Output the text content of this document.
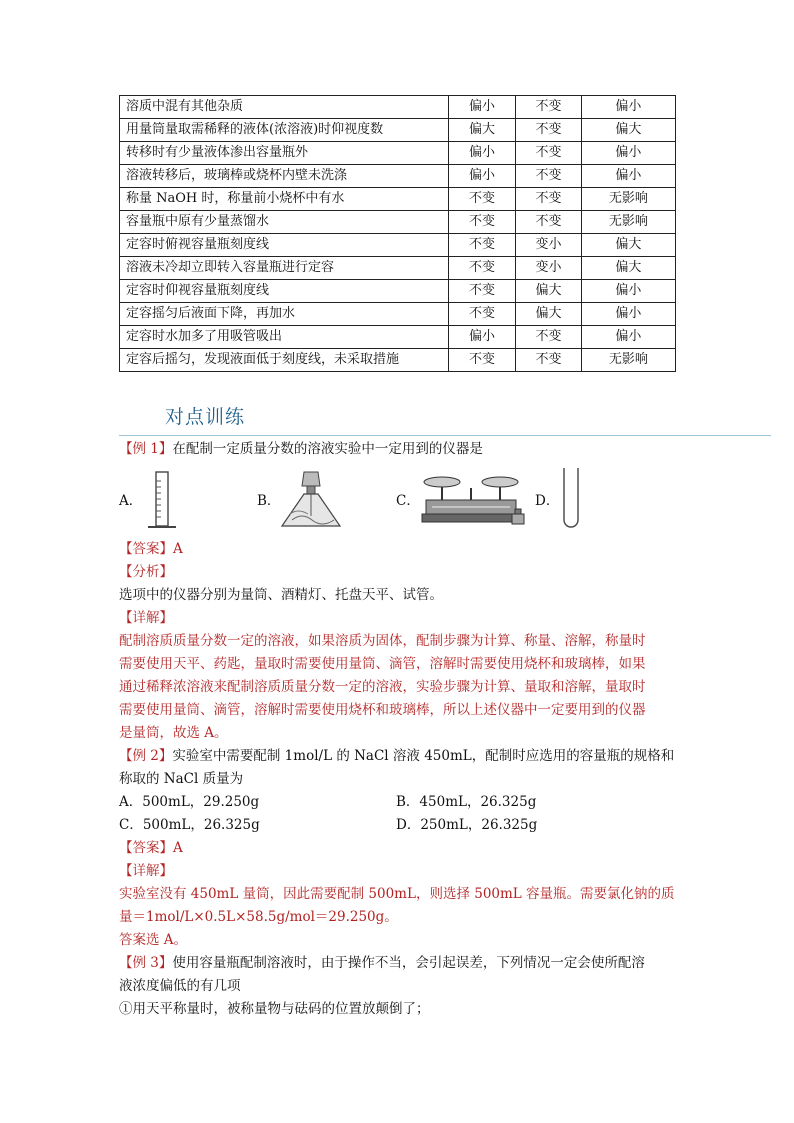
溶质中混有其他杂质	偏小	不变	偏小
用量筒量取需稀释的液体(浓溶液)时仰视度数	偏大	不变	偏大
转移时有少量液体渗出容量瓶外	偏小	不变	偏小
溶液转移后，玻璃棒或烧杯内壁未洗涤	偏小	不变	偏小
称量 NaOH 时，称量前小烧杯中有水	不变	不变	无影响
容量瓶中原有少量蒸馏水	不变	不变	无影响
定容时俯视容量瓶刻度线	不变	变小	偏大
溶液未冷却立即转入容量瓶进行定容	不变	变小	偏大
定容时仰视容量瓶刻度线	不变	偏大	偏小
定容摇匀后液面下降，再加水	不变	偏大	偏小
定容时水加多了用吸管吸出	偏小	不变	偏小
定容后摇匀，发现液面低于刻度线，未采取措施	不变	不变	无影响
对点训练
【例 1】在配制一定质量分数的溶液实验中一定用到的仪器是
A．	B．	C．	D．
【答案】A
【分析】
选项中的仪器分别为量筒、酒精灯、托盘天平、试管。
【详解】
配制溶质质量分数一定的溶液，如果溶质为固体，配制步骤为计算、称量、溶解，称量时
需要使用天平、药匙，量取时需要使用量筒、滴管，溶解时需要使用烧杯和玻璃棒，如果
通过稀释浓溶液来配制溶质质量分数一定的溶液，实验步骤为计算、量取和溶解，量取时
需要使用量筒、滴管，溶解时需要使用烧杯和玻璃棒，所以上述仪器中一定要用到的仪器
是量筒，故选 A。
【例 2】实验室中需要配制 1mol/L 的 NaCl 溶液 450mL，配制时应选用的容量瓶的规格和
称取的 NaCl 质量为
A．500mL，29.250g	B．450mL，26.325g
C．500mL，26.325g	D．250mL，26.325g
【答案】A
【详解】
实验室没有 450mL 量筒，因此需要配制 500mL，则选择 500mL 容量瓶。需要氯化钠的质
量＝1mol/L×0.5L×58.5g/mol＝29.250g。
答案选 A。
【例 3】使用容量瓶配制溶液时，由于操作不当，会引起误差，下列情况一定会使所配溶
液浓度偏低的有几项
①用天平称量时，被称量物与砝码的位置放颠倒了；
